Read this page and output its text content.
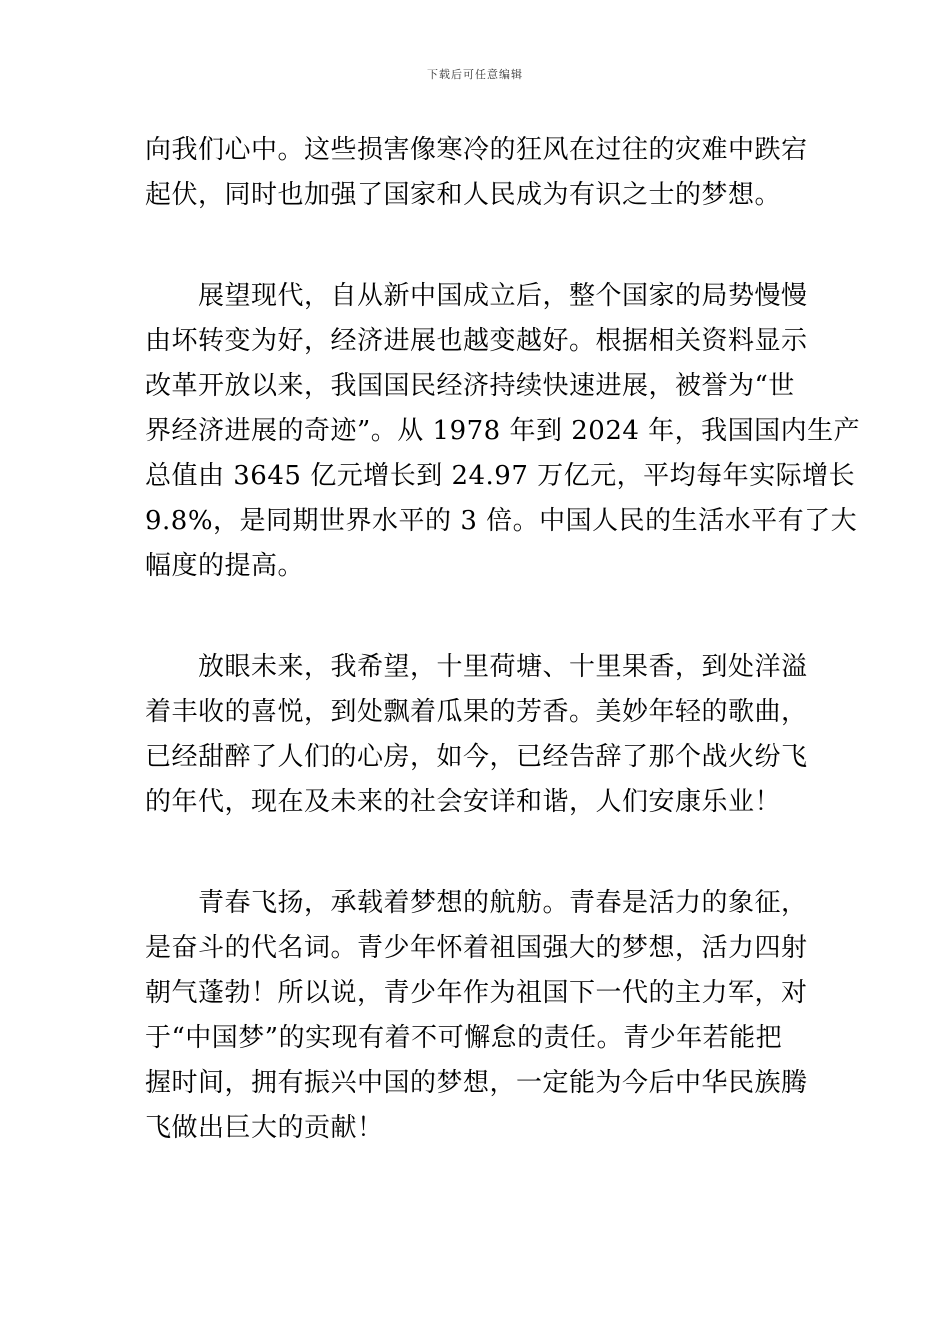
下载后可任意编辑
向我们心中。这些损害像寒冷的狂风在过往的灾难中跌宕
起伏，同时也加强了国家和人民成为有识之士的梦想。
展望现代，自从新中国成立后，整个国家的局势慢慢
由坏转变为好，经济进展也越变越好。根据相关资料显示
改革开放以来，我国国民经济持续快速进展，被誉为“世
界经济进展的奇迹”。从 1978 年到 2024 年，我国国内生产
总值由 3645 亿元增长到 24.97 万亿元，平均每年实际增长
9.8%，是同期世界水平的 3 倍。中国人民的生活水平有了大
幅度的提高。
放眼未来，我希望，十里荷塘、十里果香，到处洋溢
着丰收的喜悦，到处飘着瓜果的芳香。美妙年轻的歌曲，
已经甜醉了人们的心房，如今，已经告辞了那个战火纷飞
的年代，现在及未来的社会安详和谐，人们安康乐业！
青春飞扬，承载着梦想的航舫。青春是活力的象征，
是奋斗的代名词。青少年怀着祖国强大的梦想，活力四射
朝气蓬勃！所以说，青少年作为祖国下一代的主力军，对
于“中国梦”的实现有着不可懈怠的责任。青少年若能把
握时间，拥有振兴中国的梦想，一定能为今后中华民族腾
飞做出巨大的贡献！
